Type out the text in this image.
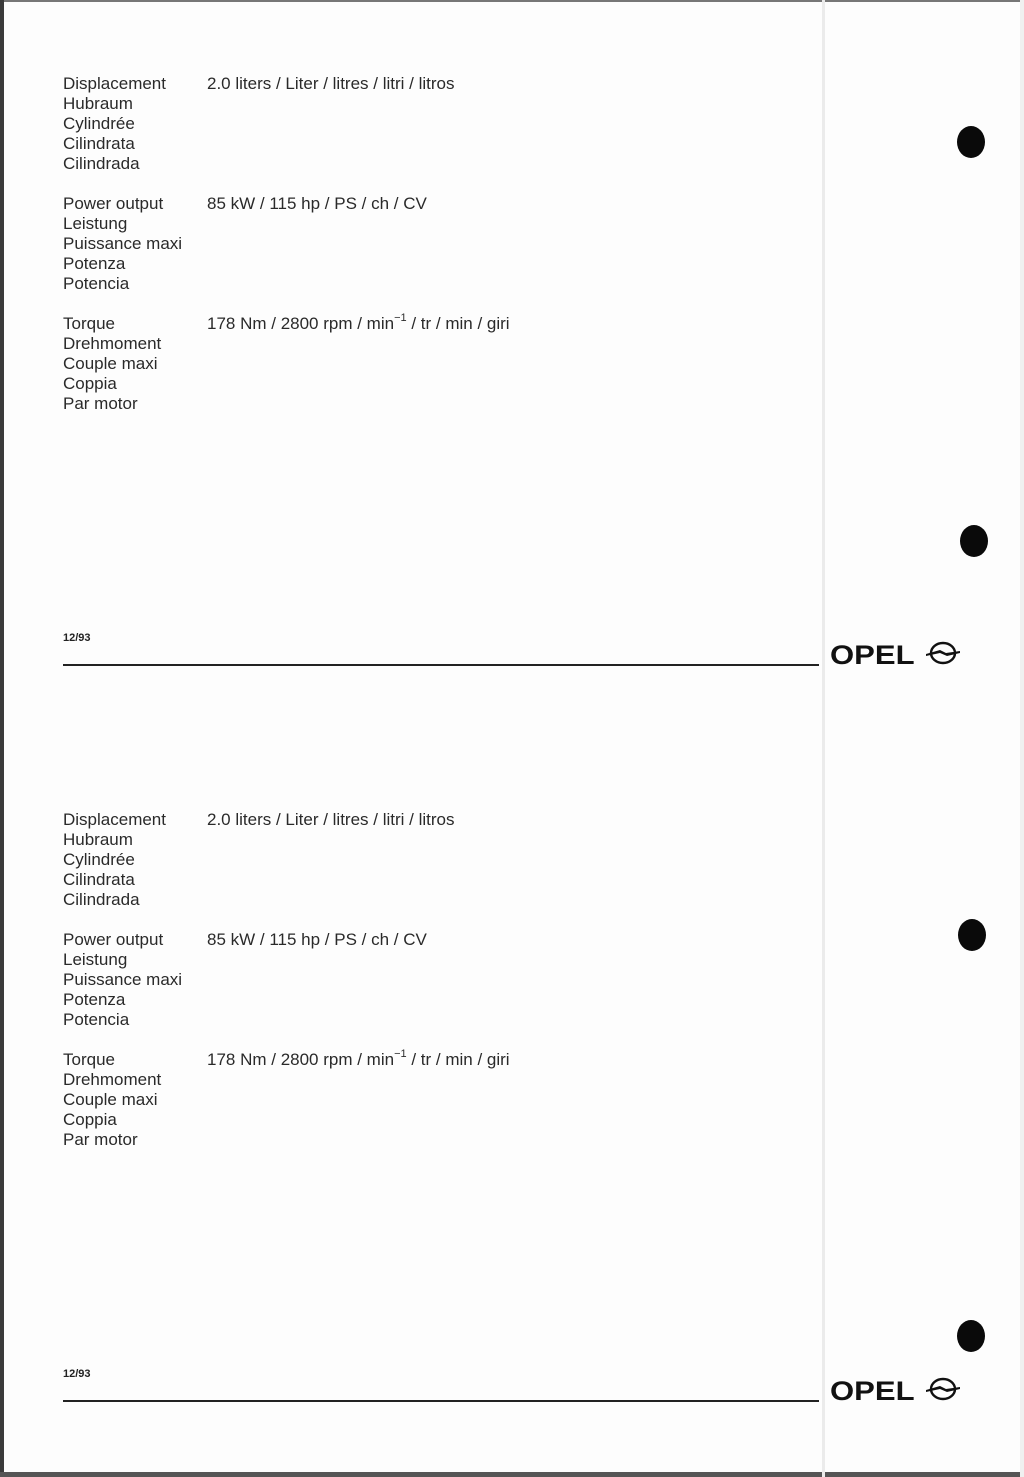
Displacement
Hubraum
Cylindrée
Cilindrata
Cilindrada
2.0 liters / Liter / litres / litri / litros
Power output
Leistung
Puissance maxi
Potenza
Potencia
85 kW / 115 hp / PS / ch / CV
Torque
Drehmoment
Couple maxi
Coppia
Par motor
178 Nm / 2800 rpm / $\min^{-1}$ / tr / min / giri
12/93
OPEL
Displacement
Hubraum
Cylindrée
Cilindrata
Cilindrada
2.0 liters / Liter / litres / litri / litros
Power output
Leistung
Puissance maxi
Potenza
Potencia
85 kW / 115 hp / PS / ch / CV
Torque
Drehmoment
Couple maxi
Coppia
Par motor
178 Nm / 2800 rpm / $\min^{-1}$ / tr / min / giri
12/93
OPEL
